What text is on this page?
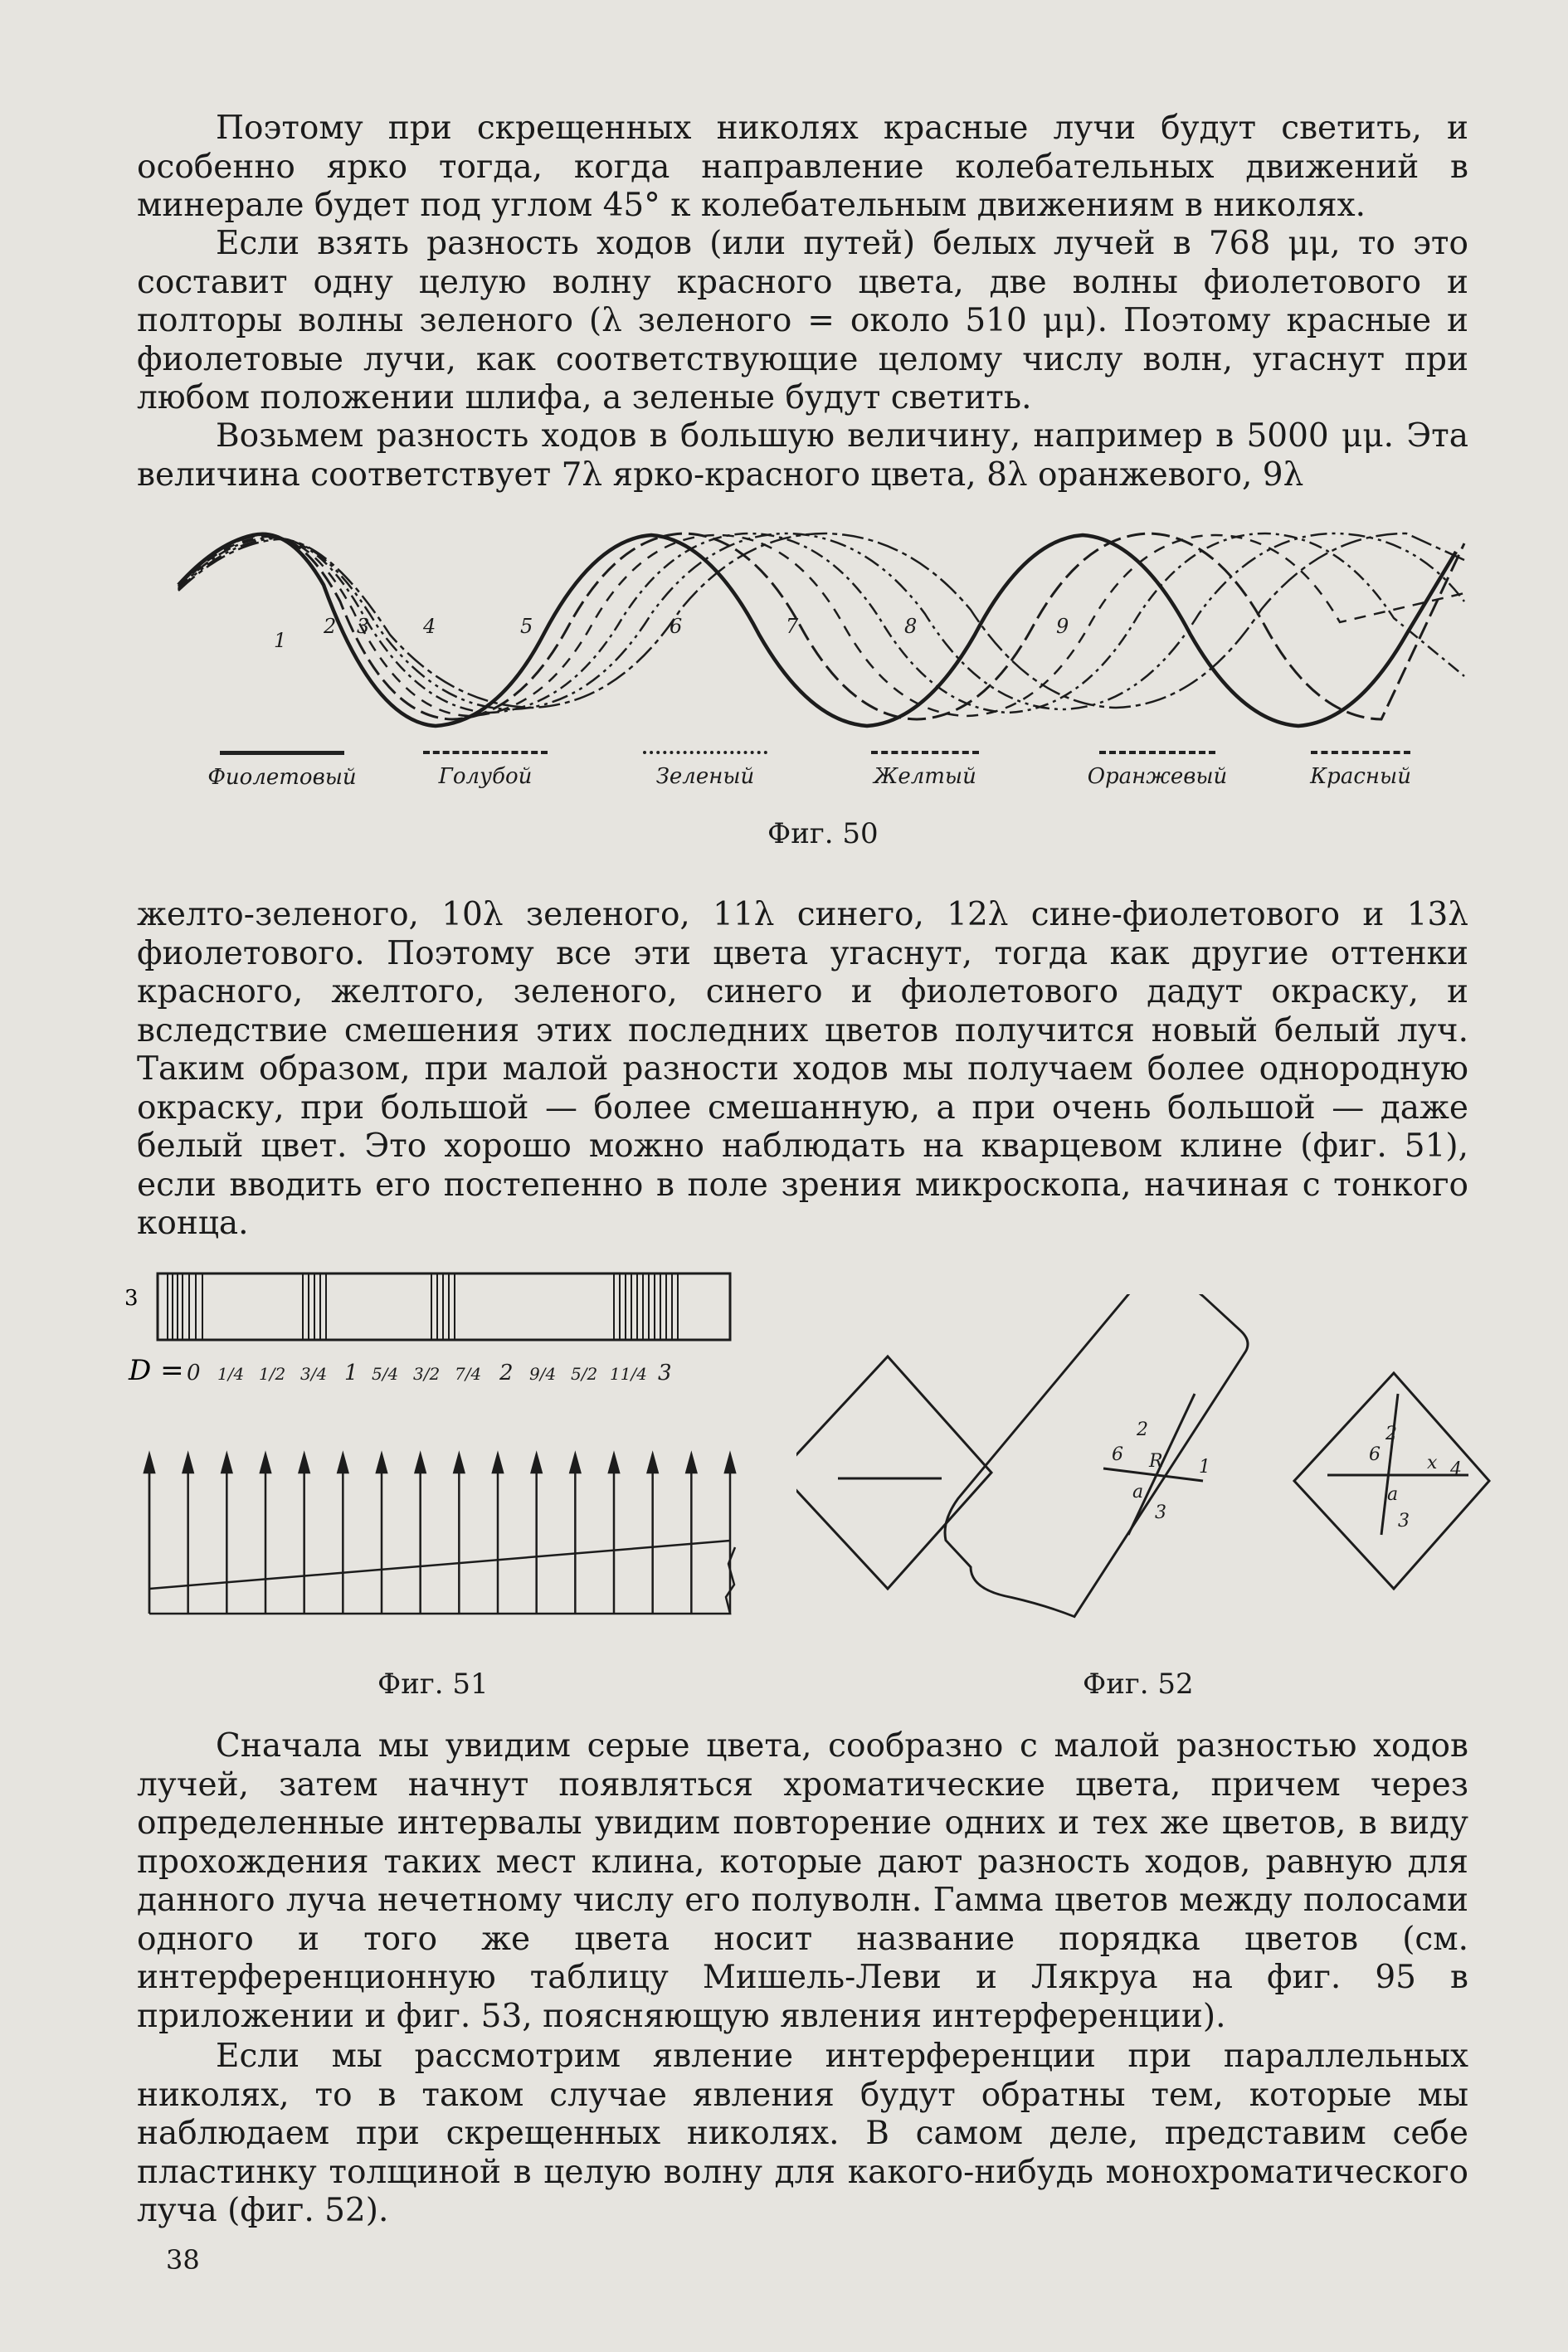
Поэтому при скрещенных николях красные лучи будут светить, и особенно ярко тогда, когда направление колебательных движений в минерале будет под углом 45° к колебательным движениям в николях.

Если взять разность ходов (или путей) белых лучей в 768 μμ, то это составит одну целую волну красного цвета, две волны фиолетового и полторы волны зеленого (λ зеленого = около 510 μμ). Поэтому красные и фиолетовые лучи, как соответствующие целому числу волн, угаснут при любом положении шлифа, а зеленые будут светить.

Возьмем разность ходов в большую величину, например в 5000 μμ. Эта величина соответствует 7λ ярко-красного цвета, 8λ оранжевого, 9λ

1
2 3	4	5	6	7	8	9
Фиолетовый	Голубой	Зеленый	Желтый	Оранжевый	Красный
Фиг. 50

желто-зеленого, 10λ зеленого, 11λ синего, 12λ сине-фиолетового и 13λ фиолетового. Поэтому все эти цвета угаснут, тогда как другие оттенки красного, желтого, зеленого, синего и фиолетового дадут окраску, и вследствие смешения этих последних цветов получится новый белый луч. Таким образом, при малой разности ходов мы получаем более однородную окраску, при большой — более смешанную, а при очень большой — даже белый цвет. Это хорошо можно наблюдать на кварцевом клине (фиг. 51), если вводить его постепенно в поле зрения микроскопа, начиная с тонкого конца.

3
D = 0 1/4 1/2 3/4 1 5/4 3/2 7/4 2 9/4 5/2 11/4 3
Фиг. 51
2
6 R 1
a
3
2
6	x 4
a
3
Фиг. 52

Сначала мы увидим серые цвета, сообразно с малой разностью ходов лучей, затем начнут появляться хроматические цвета, причем через определенные интервалы увидим повторение одних и тех же цветов, в виду прохождения таких мест клина, которые дают разность ходов, равную для данного луча нечетному числу его полуволн. Гамма цветов между полосами одного и того же цвета носит название порядка цветов (см. интерференционную таблицу Мишель-Леви и Лякруа на фиг. 95 в приложении и фиг. 53, поясняющую явления интерференции).

Если мы рассмотрим явление интерференции при параллельных николях, то в таком случае явления будут обратны тем, которые мы наблюдаем при скрещенных николях. В самом деле, представим себе пластинку толщиной в целую волну для какого-нибудь монохроматического луча (фиг. 52).

38
